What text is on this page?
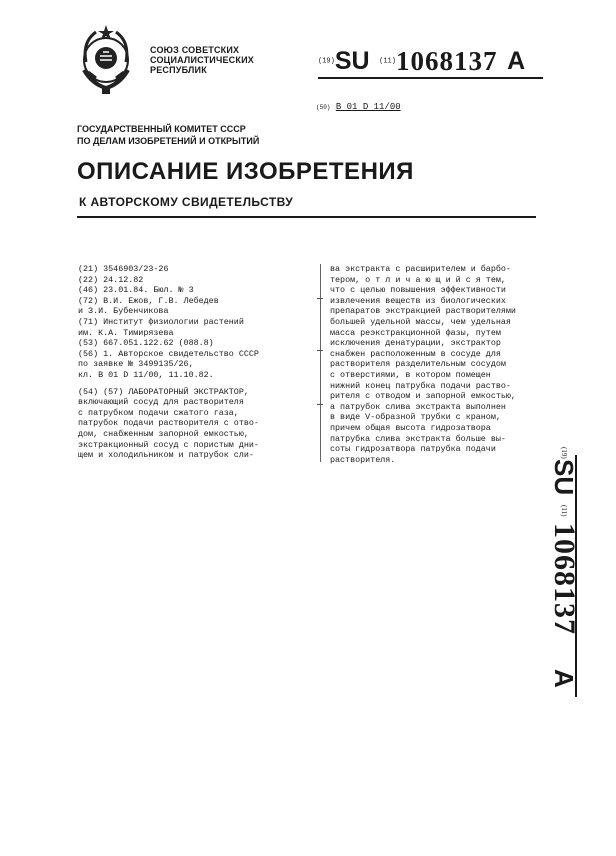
СОЮЗ СОВЕТСКИХ
СОЦИАЛИСТИЧЕСКИХ
РЕСПУБЛИК
(19)SU (11)1068137 A
(50) В 01 D 11/00
ГОСУДАРСТВЕННЫЙ КОМИТЕТ СССР
ПО ДЕЛАМ ИЗОБРЕТЕНИЙ И ОТКРЫТИЙ
ОПИСАНИЕ ИЗОБРЕТЕНИЯ
К АВТОРСКОМУ СВИДЕТЕЛЬСТВУ
(21) 3546903/23-26
(22) 24.12.82
(46) 23.01.84. Бюл. № 3
(72) В.И. Ежов, Г.В. Лебедев
и З.И. Бубенчикова
(71) Институт физиологии растений
им. К.А. Тимирязева
(53) 667.051.122.62 (088.8)
(56) 1. Авторское свидетельство СССР
по заявке № 3499135/26,
кл. В 01 D 11/00, 11.10.82.
(54) (57) ЛАБОРАТОРНЫЙ ЭКСТРАКТОР,
включающий сосуд для растворителя
с патрубком подачи сжатого газа,
патрубок подачи растворителя с отво-
дом, снабженным запорной емкостью,
экстракционный сосуд с пористым дни-
щем и холодильником и патрубок сли-
ва экстракта с расширителем и барбо-
тером, о т л и ч а ю щ и й с я тем,
что с целью повышения эффективности
извлечения веществ из биологических
препаратов экстракцией растворителями
большей удельной массы, чем удельная
масса реэкстракционной фазы, путем
исключения денатурации, экстрактор
снабжен расположенным в сосуде для
растворителя разделительным сосудом
с отверстиями, в котором помещен
нижний конец патрубка подачи раство-
рителя с отводом и запорной емкостью,
а патрубок слива экстракта выполнен
в виде V-образной трубки с краном,
причем общая высота гидрозатвора
патрубка слива экстракта больше вы-
соты гидрозатвора патрубка подачи
растворителя.
(19)
SU
(11)
1068137
A
